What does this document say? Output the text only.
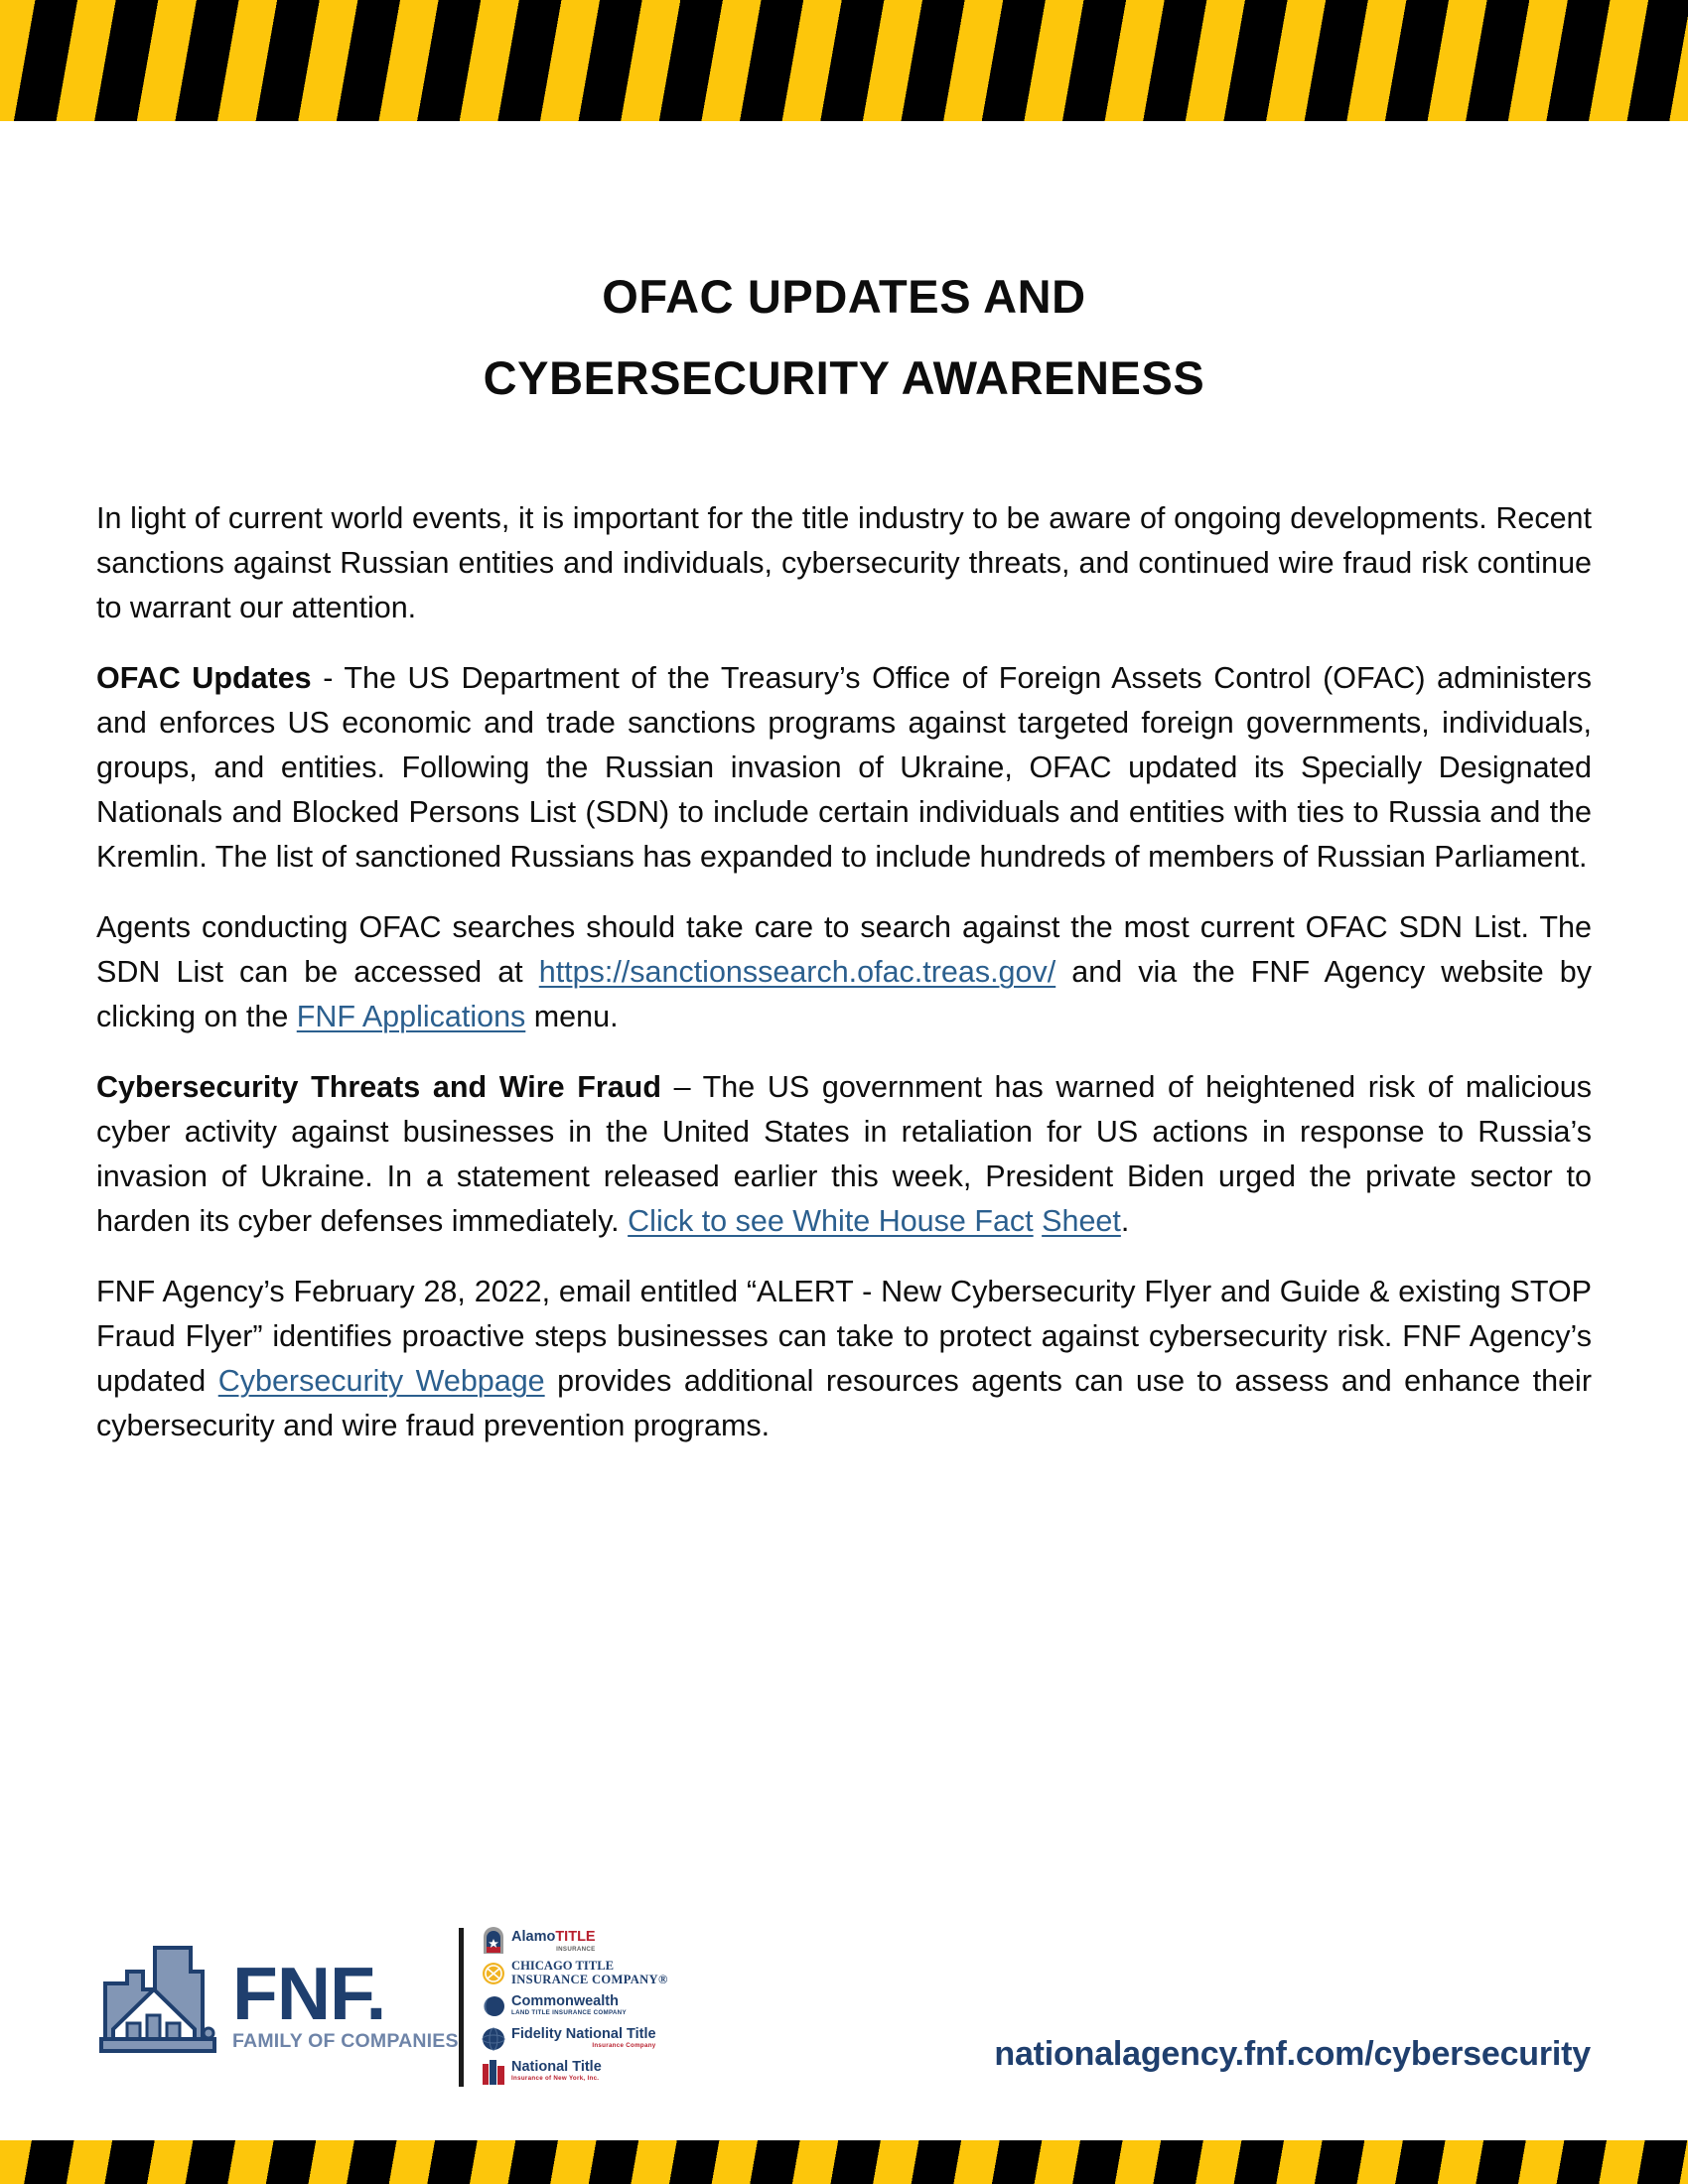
OFAC UPDATES AND
CYBERSECURITY AWARENESS

In light of current world events, it is important for the title industry to be aware of ongoing developments. Recent sanctions against Russian entities and individuals, cybersecurity threats, and continued wire fraud risk continue to warrant our attention.

OFAC Updates - The US Department of the Treasury’s Office of Foreign Assets Control (OFAC) administers and enforces US economic and trade sanctions programs against targeted foreign governments, individuals, groups, and entities. Following the Russian invasion of Ukraine, OFAC updated its Specially Designated Nationals and Blocked Persons List (SDN) to include certain individuals and entities with ties to Russia and the Kremlin. The list of sanctioned Russians has expanded to include hundreds of members of Russian Parliament.

Agents conducting OFAC searches should take care to search against the most current OFAC SDN List. The SDN List can be accessed at https://sanctionssearch.ofac.treas.gov/ and via the FNF Agency website by clicking on the FNF Applications menu.

Cybersecurity Threats and Wire Fraud – The US government has warned of heightened risk of malicious cyber activity against businesses in the United States in retaliation for US actions in response to Russia’s invasion of Ukraine. In a statement released earlier this week, President Biden urged the private sector to harden its cyber defenses immediately. Click to see White House Fact Sheet.

FNF Agency’s February 28, 2022, email entitled “ALERT - New Cybersecurity Flyer and Guide & existing STOP Fraud Flyer” identifies proactive steps businesses can take to protect against cybersecurity risk. FNF Agency’s updated Cybersecurity Webpage provides additional resources agents can use to assess and enhance their cybersecurity and wire fraud prevention programs.

FNF.
FAMILY OF COMPANIES
AlamoTITLE
INSURANCE
CHICAGO TITLE
INSURANCE COMPANY®
Commonwealth
LAND TITLE INSURANCE COMPANY
Fidelity National Title
Insurance Company
National Title
Insurance of New York, Inc.
nationalagency.fnf.com/cybersecurity
